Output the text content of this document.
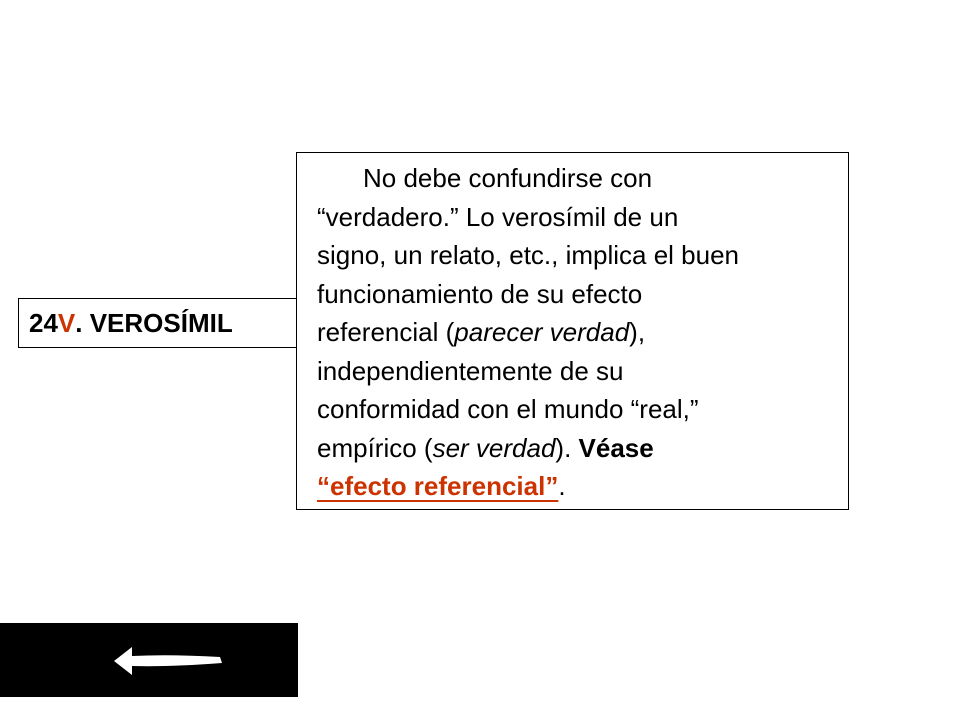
24 V . VEROSÍMIL
No debe confundirse con
“verdadero.” Lo verosímil de un
signo, un relato, etc., implica el buen
funcionamiento de su efecto
referencial (parecer verdad),
independientemente de su
conformidad con el mundo “real,”
empírico (ser verdad). Véase
“efecto referencial”.
